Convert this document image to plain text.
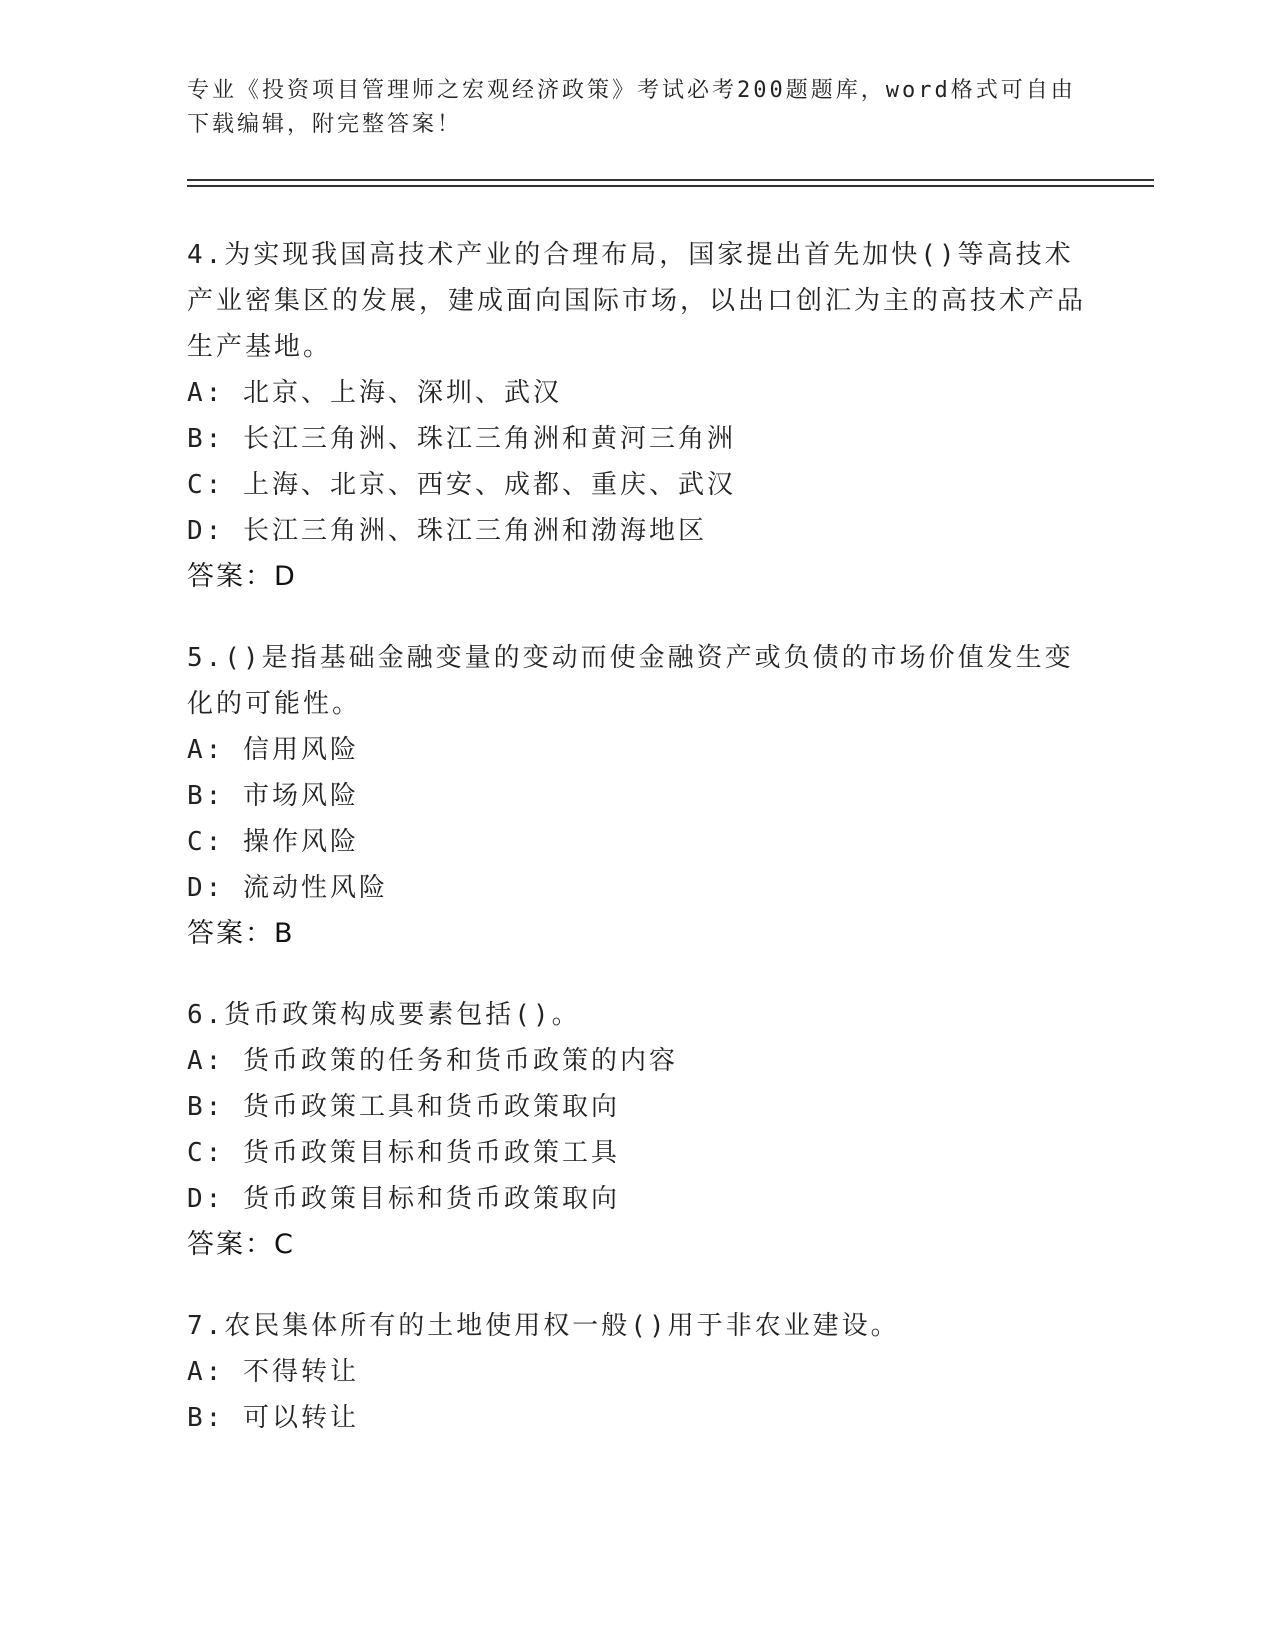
专业《投资项目管理师之宏观经济政策》考试必考200题题库，word格式可自由下载编辑，附完整答案！
4.为实现我国高技术产业的合理布局，国家提出首先加快()等高技术产业密集区的发展，建成面向国际市场，以出口创汇为主的高技术产品生产基地。
A: 北京、上海、深圳、武汉
B: 长江三角洲、珠江三角洲和黄河三角洲
C: 上海、北京、西安、成都、重庆、武汉
D: 长江三角洲、珠江三角洲和渤海地区
答案：D
5.()是指基础金融变量的变动而使金融资产或负债的市场价值发生变化的可能性。
A: 信用风险
B: 市场风险
C: 操作风险
D: 流动性风险
答案：B
6.货币政策构成要素包括()。
A: 货币政策的任务和货币政策的内容
B: 货币政策工具和货币政策取向
C: 货币政策目标和货币政策工具
D: 货币政策目标和货币政策取向
答案：C
7.农民集体所有的土地使用权一般()用于非农业建设。
A: 不得转让
B: 可以转让
